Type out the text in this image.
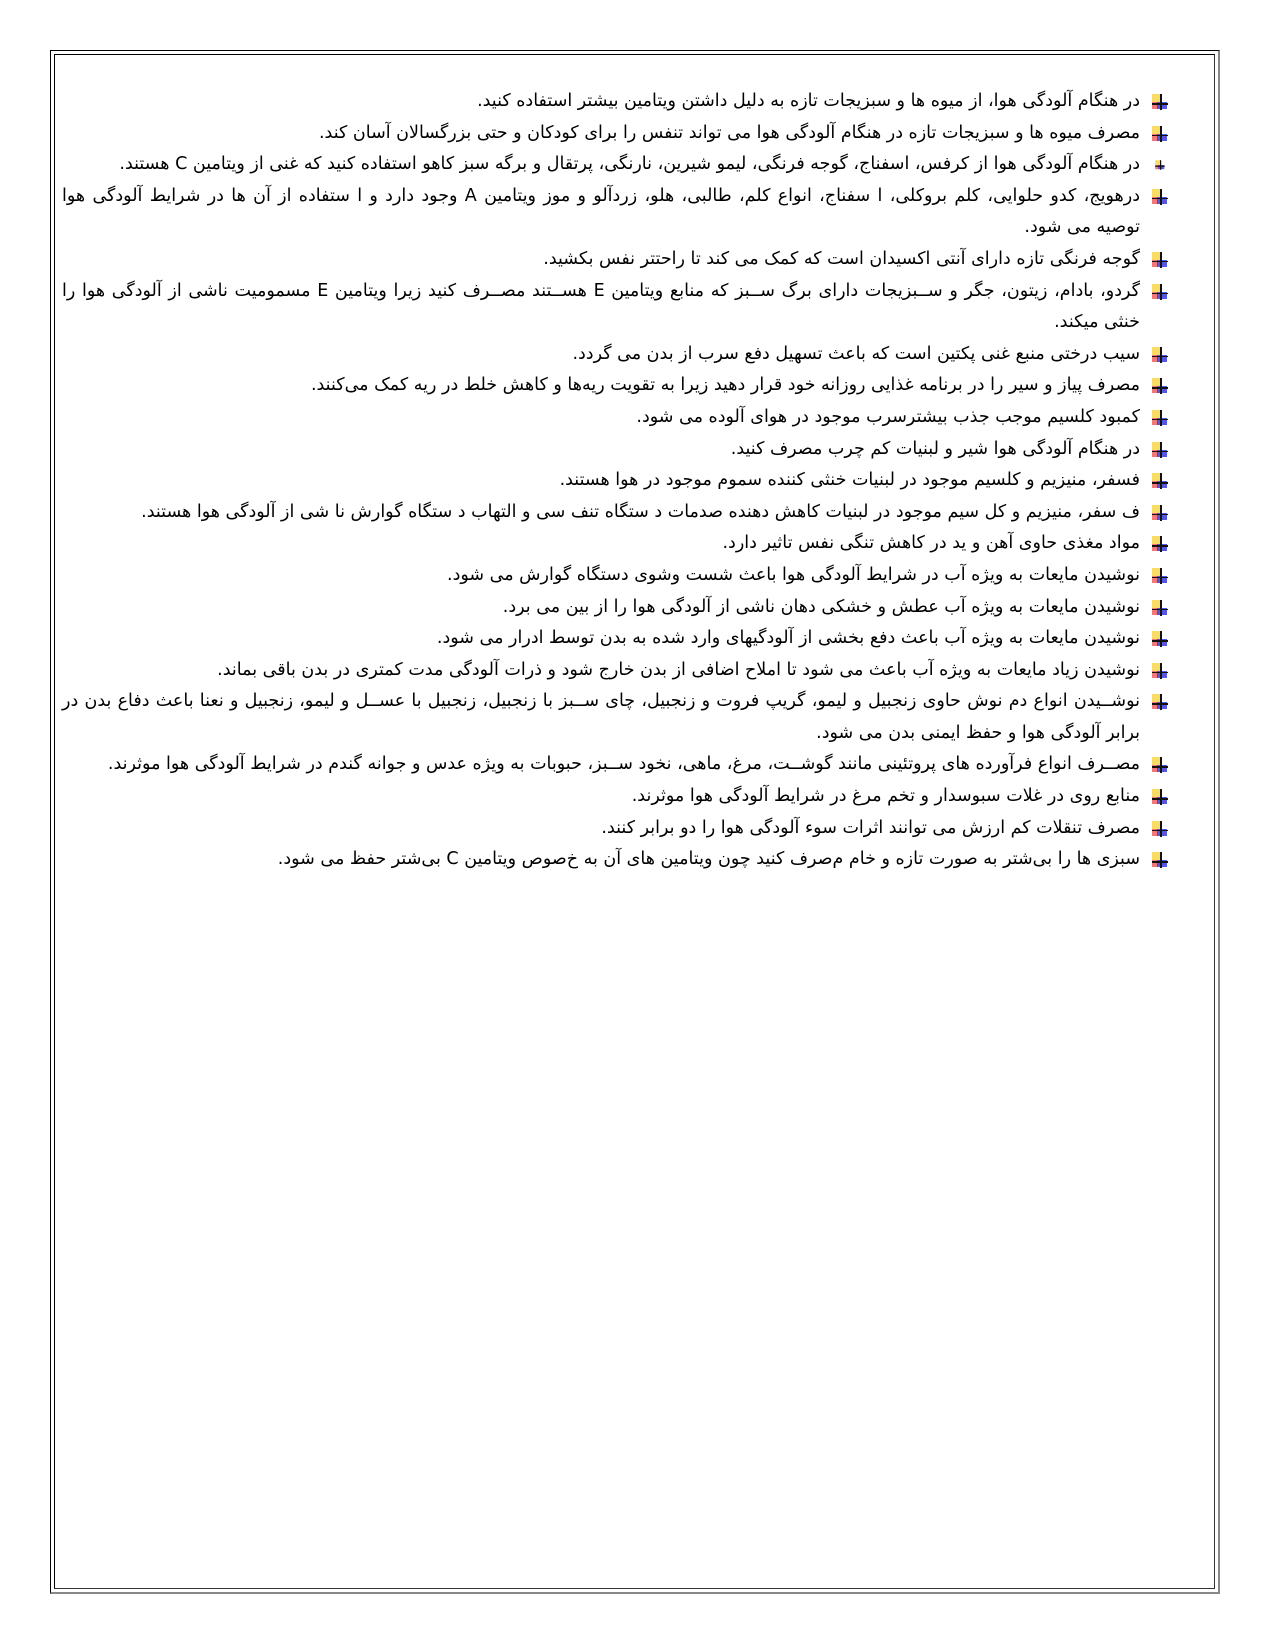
در هنگام آلودگی هوا، از میوه ها و سبزیجات تازه به دلیل داشتن ویتامین بیشتر استفاده کنید.
مصرف میوه ها و سبزیجات تازه در هنگام آلودگی هوا می تواند تنفس را برای کودکان و حتی بزرگسالان آسان کند.
در هنگام آلودگی هوا از کرفس، اسفناج، گوجه فرنگی، لیمو شیرین، نارنگی، پرتقال و برگه سبز کاهو استفاده کنید که غنی از ویتامین C هستند.
درهویج، کدو حلوایی، کلم بروکلی، ا سفناج، انواع کلم، طالبی، هلو، زردآلو و موز ویتامین A وجود دارد و ا ستفاده از آن ها در شرایط آلودگی هوا توصیه می شود.
گوجه فرنگی تازه دارای آنتی اکسیدان است که کمک می کند تا راحتتر نفس بکشید.
گردو، بادام، زیتون، جگر و ســبزیجات دارای برگ ســبز که منابع ویتامین E هســتند مصــرف کنید زیرا ویتامین E مسمومیت ناشی از آلودگی هوا را خنثی میکند.
سیب درختی منبع غنی پکتین است که باعث تسهیل دفع سرب از بدن می گردد.
مصرف پیاز و سیر را در برنامه غذایی روزانه خود قرار دهید زیرا به تقویت ریه‌ها و کاهش خلط در ریه کمک می‌کنند.
کمبود کلسیم موجب جذب بیشترسرب موجود در هوای آلوده می شود.
در هنگام آلودگی هوا شیر و لبنیات کم چرب مصرف کنید.
فسفر، منیزیم و کلسیم موجود در لبنیات خنثی کننده سموم موجود در هوا هستند.
ف سفر، منیزیم و کل سیم موجود در لبنیات کاهش دهنده صدمات د ستگاه تنف سی و التهاب د ستگاه گوارش نا شی از آلودگی هوا هستند.
مواد مغذی حاوی آهن و ید در کاهش تنگی نفس تاثیر دارد.
نوشیدن مایعات به ویژه آب در شرایط آلودگی هوا باعث شست وشوی دستگاه گوارش می شود.
نوشیدن مایعات به ویژه آب عطش و خشکی دهان ناشی از آلودگی هوا را از بین می برد.
نوشیدن مایعات به ویژه آب باعث دفع بخشی از آلودگیهای وارد شده به بدن توسط ادرار می شود.
نوشیدن زیاد مایعات به ویژه آب باعث می شود تا املاح اضافی از بدن خارج شود و ذرات آلودگی مدت کمتری در بدن باقی بماند.
نوشــیدن انواع دم نوش حاوی زنجبیل و لیمو، گریپ فروت و زنجبیل، چای ســبز با زنجبیل، زنجبیل با عســل و لیمو، زنجبیل و نعنا باعث دفاع بدن در برابر آلودگی هوا و حفظ ایمنی بدن می شود.
مصــرف انواع فرآورده های پروتئینی مانند گوشــت، مرغ، ماهی، نخود ســبز، حبوبات به ویژه عدس و جوانه گندم در شرایط آلودگی هوا موثرند.
منابع روی در غلات سبوسدار و تخم مرغ در شرایط آلودگی هوا موثرند.
مصرف تنقلات کم ارزش می توانند اثرات سوء آلودگی هوا را دو برابر کنند.
سبزی ها را بی‌شتر به صورت تازه و خام م‌صرف کنید چون ویتامین های آن به خ‌صوص ویتامین C بی‌شتر حفظ می شود.
